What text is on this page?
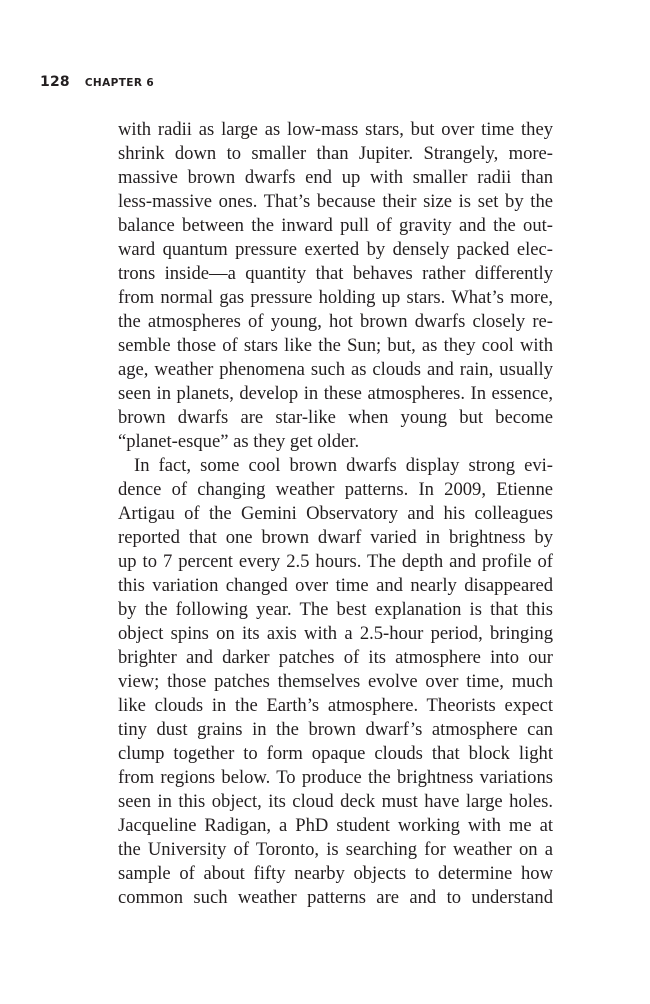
128 CHAPTER 6
with radii as large as low-mass stars, but over time they
shrink down to smaller than Jupiter. Strangely, more-
massive brown dwarfs end up with smaller radii than
less-massive ones. That’s because their size is set by the
balance between the inward pull of gravity and the out-
ward quantum pressure exerted by densely packed elec-
trons inside—a quantity that behaves rather differently
from normal gas pressure holding up stars. What’s more,
the atmospheres of young, hot brown dwarfs closely re-
semble those of stars like the Sun; but, as they cool with
age, weather phenomena such as clouds and rain, usually
seen in planets, develop in these atmospheres. In essence,
brown dwarfs are star-like when young but become
“planet-esque” as they get older.
In fact, some cool brown dwarfs display strong evi-
dence of changing weather patterns. In 2009, Etienne
Artigau of the Gemini Observatory and his colleagues
reported that one brown dwarf varied in brightness by
up to 7 percent every 2.5 hours. The depth and profile of
this variation changed over time and nearly disappeared
by the following year. The best explanation is that this
object spins on its axis with a 2.5-hour period, bringing
brighter and darker patches of its atmosphere into our
view; those patches themselves evolve over time, much
like clouds in the Earth’s atmosphere. Theorists expect
tiny dust grains in the brown dwarf’s atmosphere can
clump together to form opaque clouds that block light
from regions below. To produce the brightness variations
seen in this object, its cloud deck must have large holes.
Jacqueline Radigan, a PhD student working with me at
the University of Toronto, is searching for weather on a
sample of about fifty nearby objects to determine how
common such weather patterns are and to understand
